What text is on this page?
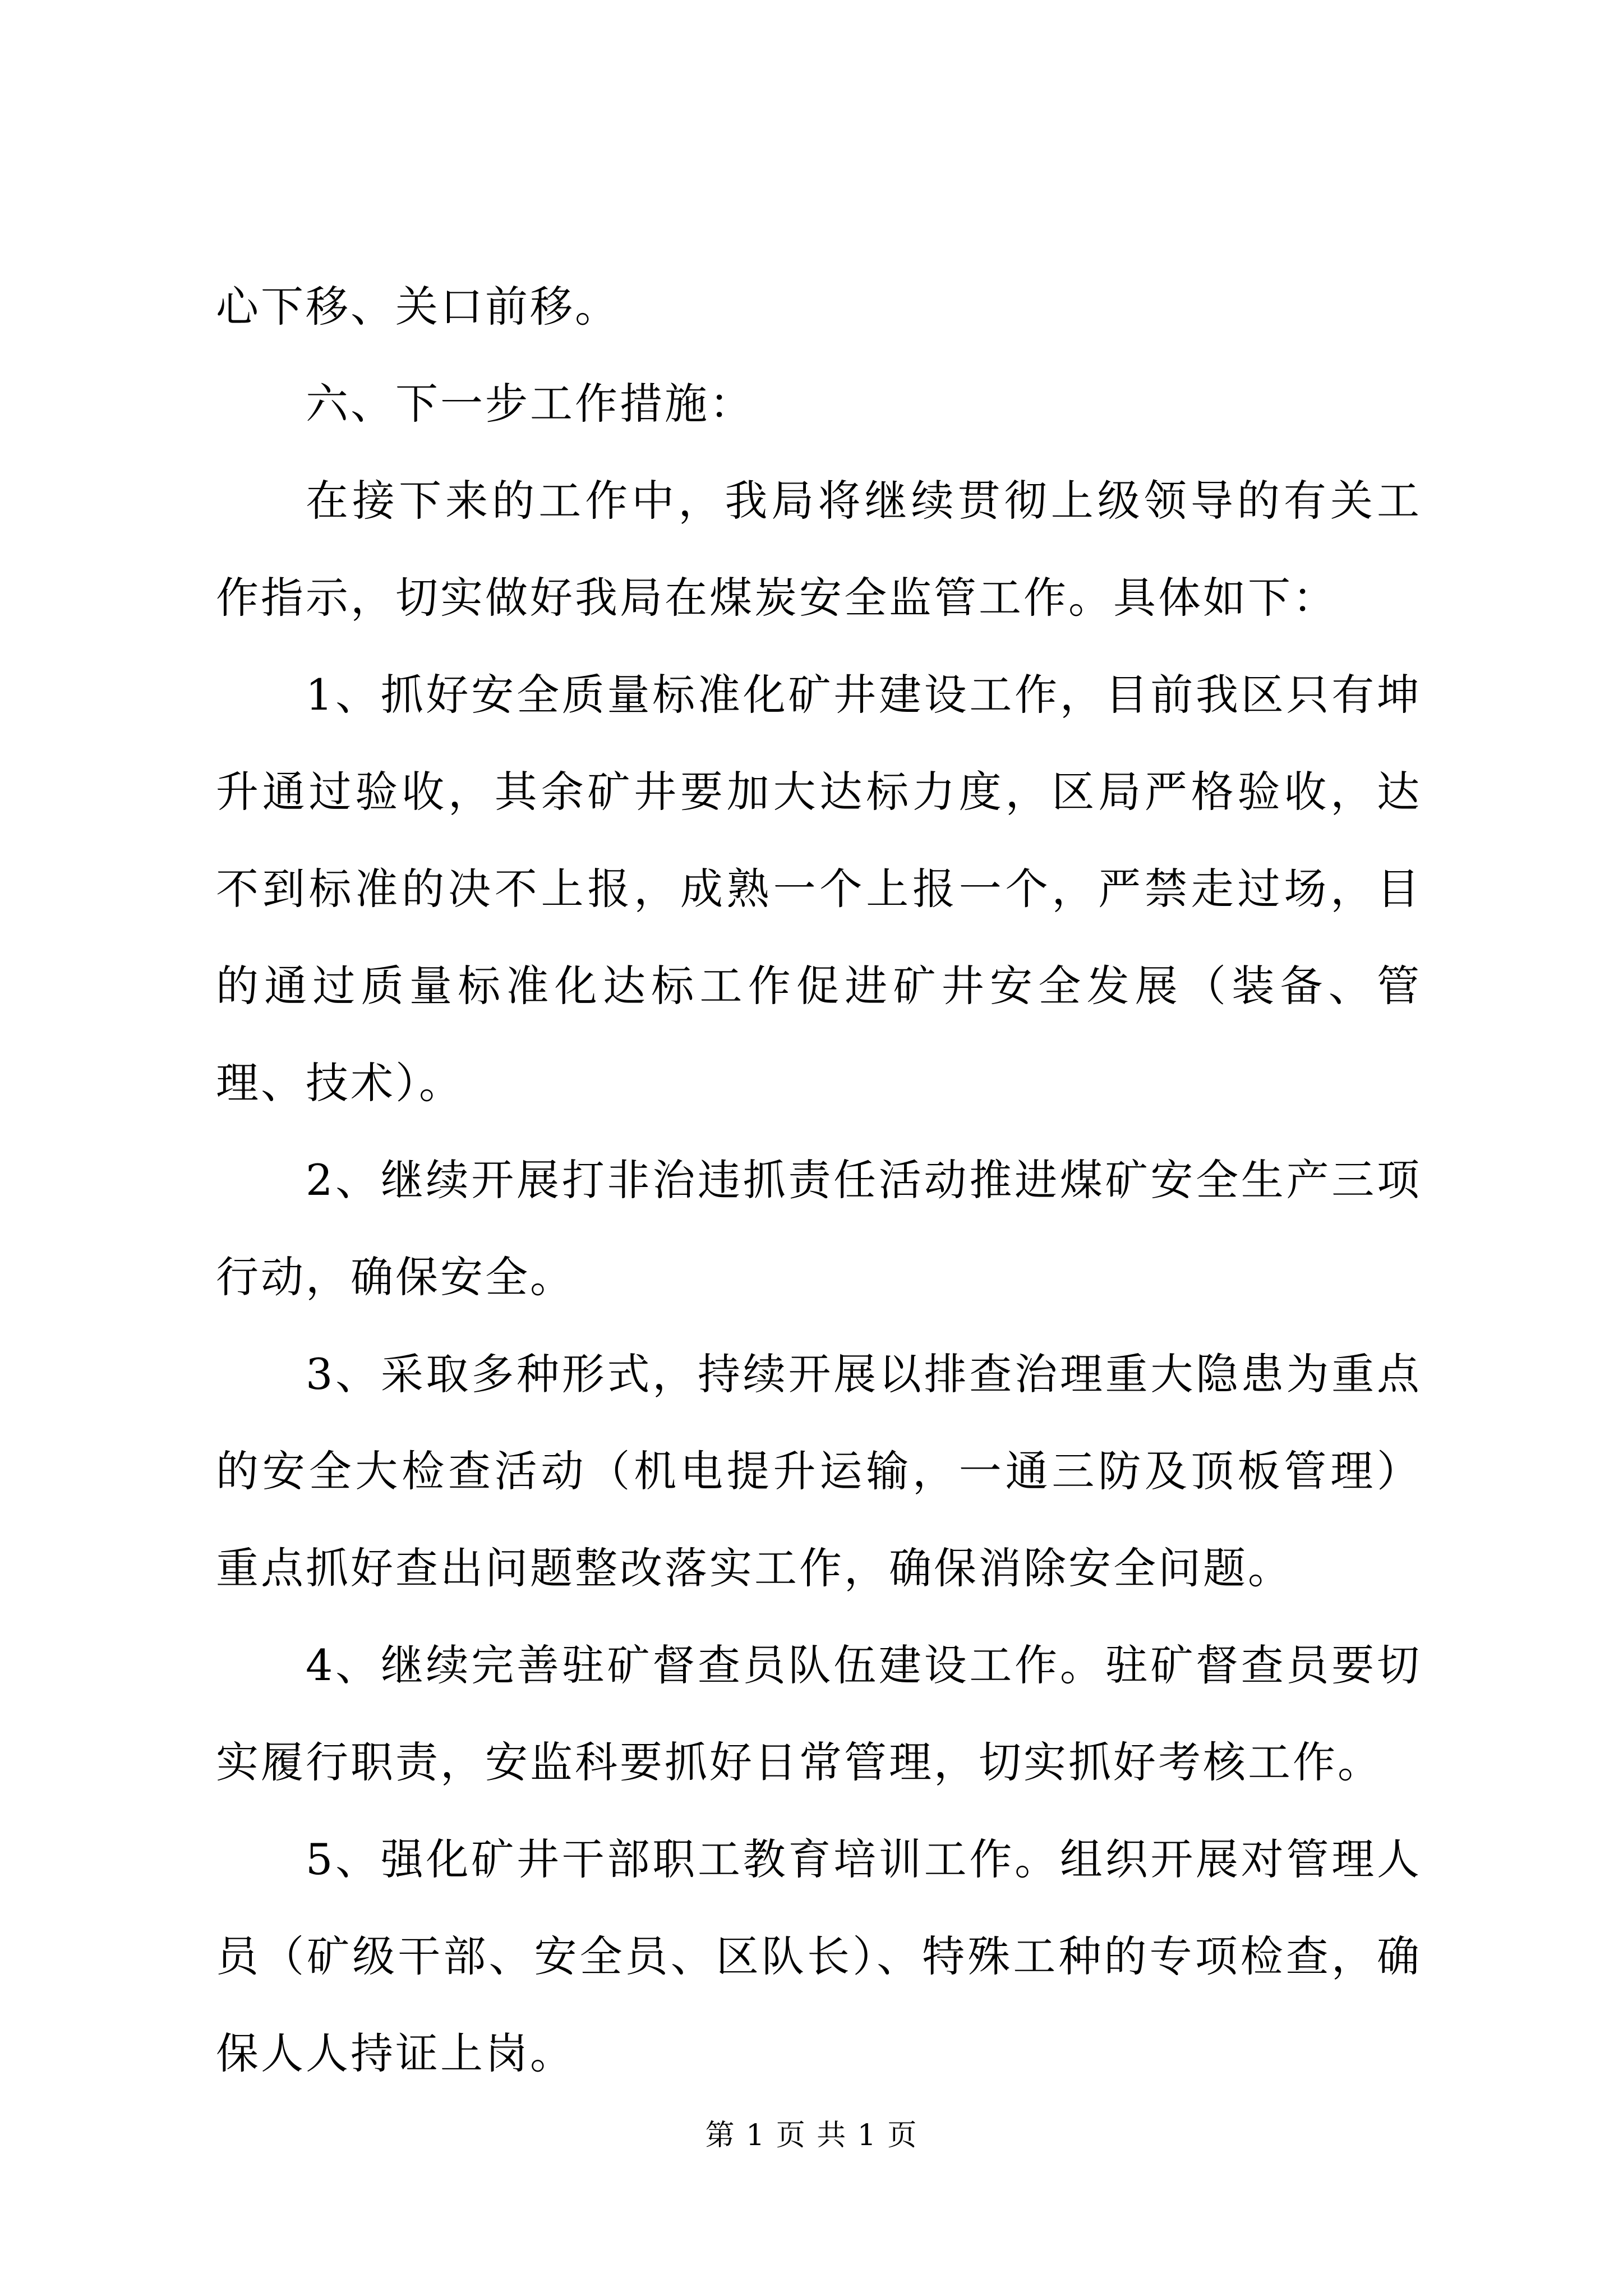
心下移、关口前移。

六、下一步工作措施：

在接下来的工作中，我局将继续贯彻上级领导的有关工作指示，切实做好我局在煤炭安全监管工作。具体如下：

1、抓好安全质量标准化矿井建设工作，目前我区只有坤升通过验收，其余矿井要加大达标力度，区局严格验收，达不到标准的决不上报，成熟一个上报一个，严禁走过场，目的通过质量标准化达标工作促进矿井安全发展（装备、管理、技术）。

2、继续开展打非治违抓责任活动推进煤矿安全生产三项行动，确保安全。

3、采取多种形式，持续开展以排查治理重大隐患为重点的安全大检查活动（机电提升运输，一通三防及顶板管理）重点抓好查出问题整改落实工作，确保消除安全问题。

4、继续完善驻矿督查员队伍建设工作。驻矿督查员要切实履行职责，安监科要抓好日常管理，切实抓好考核工作。

5、强化矿井干部职工教育培训工作。组织开展对管理人员（矿级干部、安全员、区队长）、特殊工种的专项检查，确保人人持证上岗。

第 1 页 共 1 页
